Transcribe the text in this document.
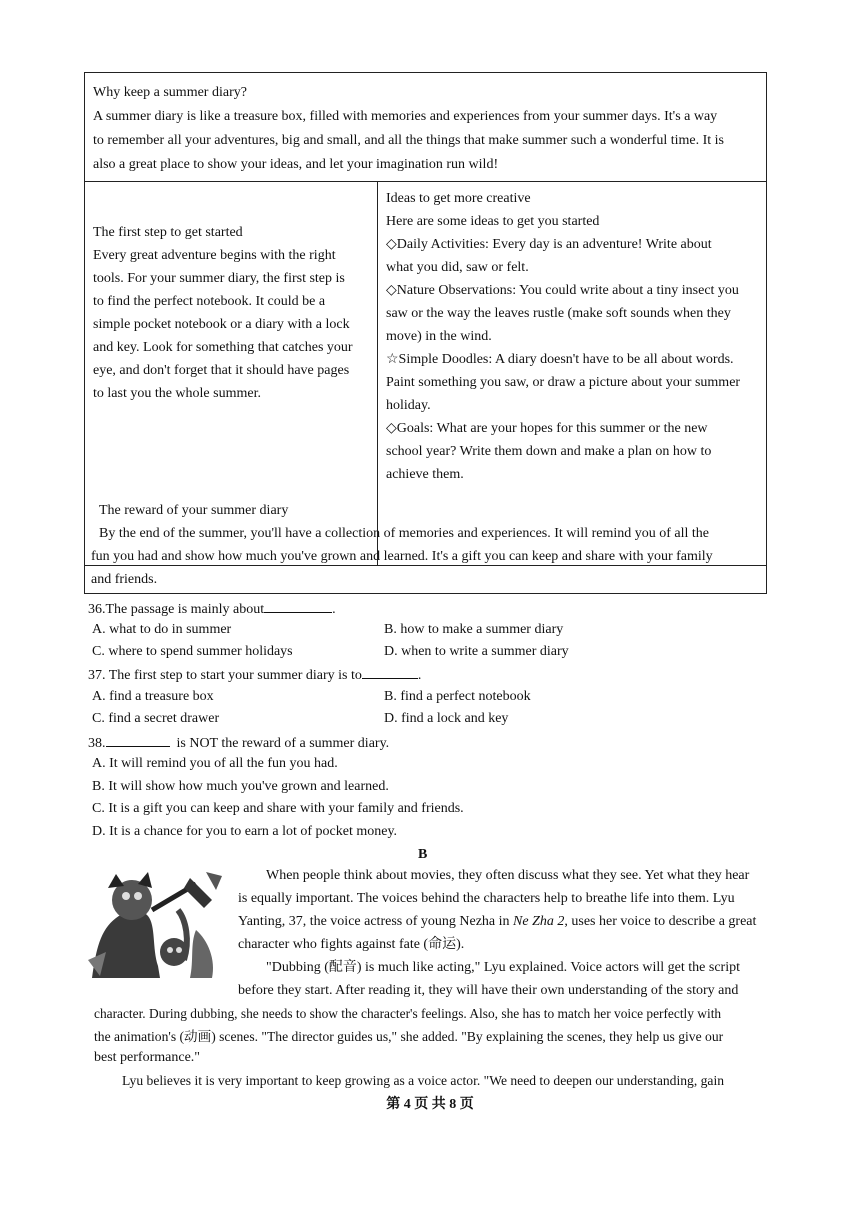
Why keep a summer diary?
A summer diary is like a treasure box, filled with memories and experiences from your summer days. It's a way
to remember all your adventures, big and small, and all the things that make summer such a wonderful time. It is
also a great place to show your ideas, and let your imagination run wild!
The first step to get started
Every great adventure begins with the right
tools. For your summer diary, the first step is
to find the perfect notebook. It could be a
simple pocket notebook or a diary with a lock
and key. Look for something that catches your
eye, and don't forget that it should have pages
to last you the whole summer.
Ideas to get more creative
Here are some ideas to get you started
◇Daily Activities: Every day is an adventure! Write about
what you did, saw or felt.
◇Nature Observations: You could write about a tiny insect you
saw or the way the leaves rustle (make soft sounds when they
move) in the wind.
☆Simple Doodles: A diary doesn't have to be all about words.
Paint something you saw, or draw a picture about your summer
holiday.
◇Goals: What are your hopes for this summer or the new
school year? Write them down and make a plan on how to
achieve them.
The reward of your summer diary
By the end of the summer, you'll have a collection of memories and experiences. It will remind you of all the
fun you had and show how much you've grown and learned. It's a gift you can keep and share with your family
and friends.
36.The passage is mainly about	.
A. what to do in summer	B. how to make a summer diary
C. where to spend summer holidays	D. when to write a summer diary
37. The first step to start your summer diary is to	.
A. find a treasure box	B. find a perfect notebook
C. find a secret drawer	D. find a lock and key
38.	is NOT the reward of a summer diary.
A. It will remind you of all the fun you had.
B. It will show how much you've grown and learned.
C. It is a gift you can keep and share with your family and friends.
D. It is a chance for you to earn a lot of pocket money.
B
When people think about movies, they often discuss what they see. Yet what they hear
is equally important. The voices behind the characters help to breathe life into them. Lyu
Yanting, 37, the voice actress of young Nezha in Ne Zha 2, uses her voice to describe a great
character who fights against fate (命运).
"Dubbing (配音) is much like acting," Lyu explained. Voice actors will get the script
before they start. After reading it, they will have their own understanding of the story and
character. During dubbing, she needs to show the character's feelings. Also, she has to match her voice perfectly with
the animation's (动画) scenes. "The director guides us," she added. "By explaining the scenes, they help us give our
best performance."
Lyu believes it is very important to keep growing as a voice actor. "We need to deepen our understanding, gain
第 4 页 共 8 页
